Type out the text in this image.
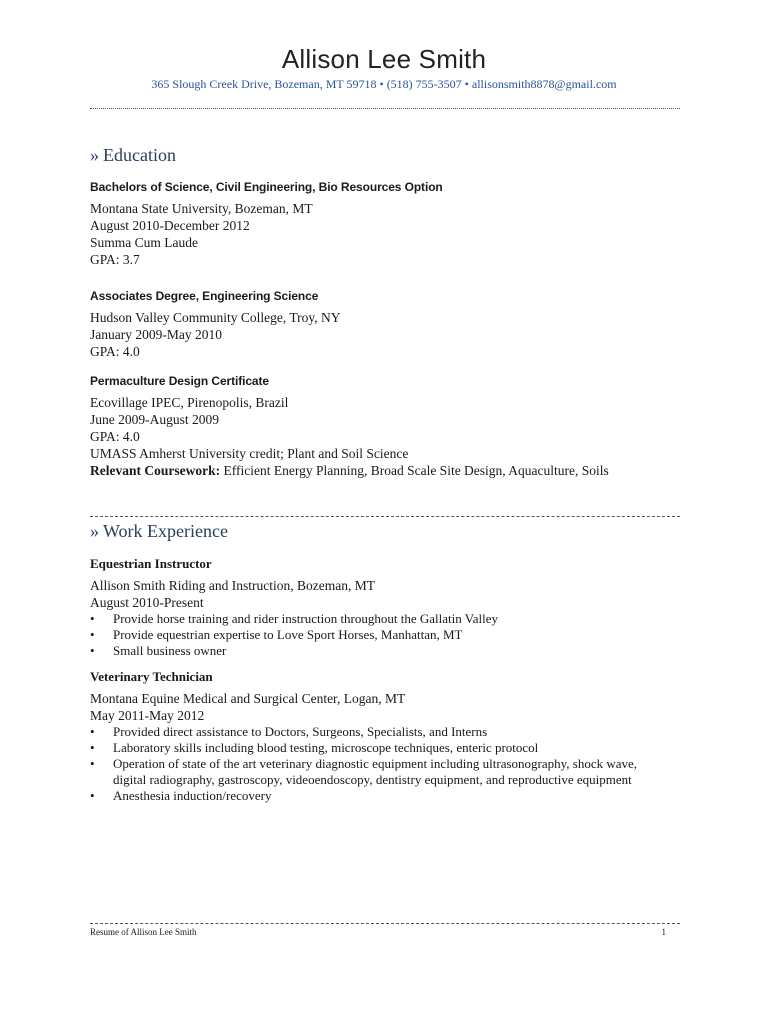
Allison Lee Smith
365 Slough Creek Drive, Bozeman, MT 59718 • (518) 755-3507 • allisonsmith8878@gmail.com
» Education
Bachelors of Science, Civil Engineering, Bio Resources Option
Montana State University, Bozeman, MT
August 2010-December 2012
Summa Cum Laude
GPA: 3.7
Associates Degree, Engineering Science
Hudson Valley Community College, Troy, NY
January 2009-May 2010
GPA: 4.0
Permaculture Design Certificate
Ecovillage IPEC, Pirenopolis, Brazil
June 2009-August 2009
GPA: 4.0
UMASS Amherst University credit; Plant and Soil Science
Relevant Coursework: Efficient Energy Planning, Broad Scale Site Design, Aquaculture, Soils
» Work Experience
Equestrian Instructor
Allison Smith Riding and Instruction, Bozeman, MT
August 2010-Present
• Provide horse training and rider instruction throughout the Gallatin Valley
• Provide equestrian expertise to Love Sport Horses, Manhattan, MT
• Small business owner
Veterinary Technician
Montana Equine Medical and Surgical Center, Logan, MT
May 2011-May 2012
• Provided direct assistance to Doctors, Surgeons, Specialists, and Interns
• Laboratory skills including blood testing, microscope techniques, enteric protocol
• Operation of state of the art veterinary diagnostic equipment including ultrasonography, shock wave,
digital radiography, gastroscopy, videoendoscopy, dentistry equipment, and reproductive equipment
• Anesthesia induction/recovery
Resume of Allison Lee Smith	1
